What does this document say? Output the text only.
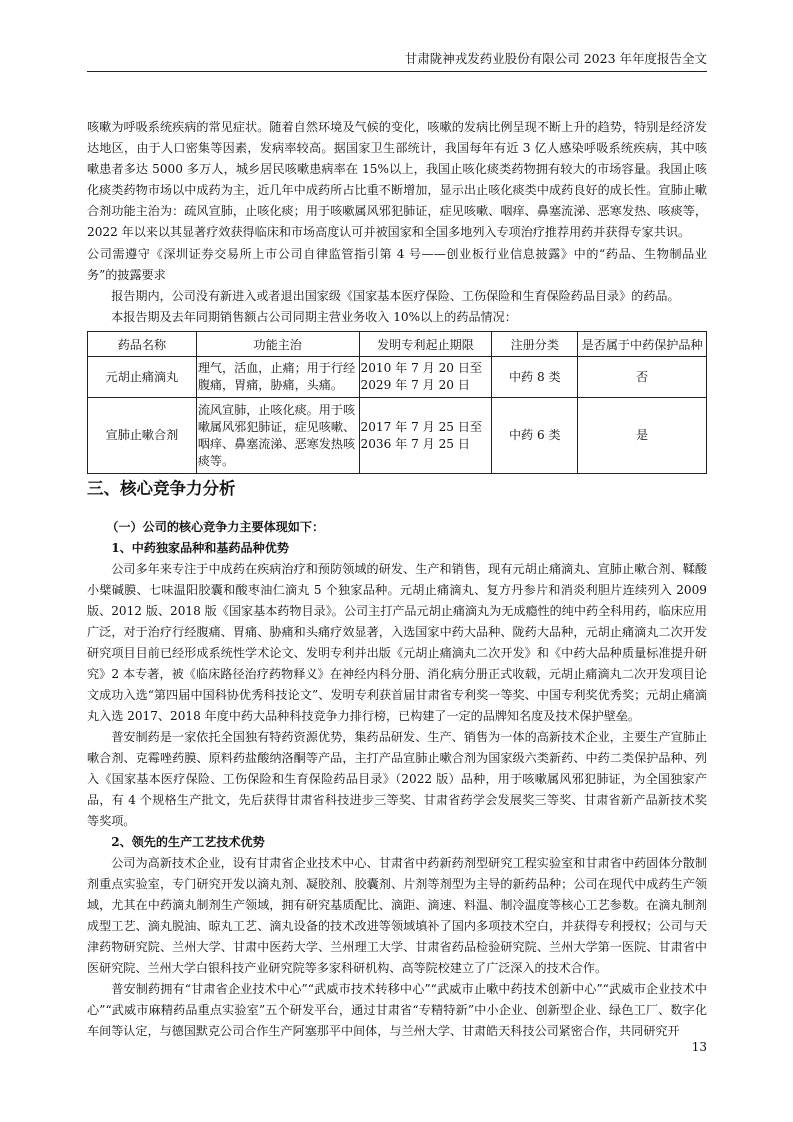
甘肃陇神戎发药业股份有限公司 2023 年年度报告全文

咳嗽为呼吸系统疾病的常见症状。随着自然环境及气候的变化，咳嗽的发病比例呈现不断上升的趋势，特别是经济发达地区，由于人口密集等因素，发病率较高。据国家卫生部统计，我国每年有近 3 亿人感染呼吸系统疾病，其中咳嗽患者多达 5000 多万人，城乡居民咳嗽患病率在 15%以上，我国止咳化痰类药物拥有较大的市场容量。我国止咳化痰类药物市场以中成药为主，近几年中成药所占比重不断增加，显示出止咳化痰类中成药良好的成长性。宣肺止嗽合剂功能主治为：疏风宣肺，止咳化痰；用于咳嗽属风邪犯肺证，症见咳嗽、咽痒、鼻塞流涕、恶寒发热、咳痰等，2022 年以来以其显著疗效获得临床和市场高度认可并被国家和全国多地列入专项治疗推荐用药并获得专家共识。

公司需遵守《深圳证券交易所上市公司自律监管指引第 4 号——创业板行业信息披露》中的“药品、生物制品业务”的披露要求

报告期内，公司没有新进入或者退出国家级《国家基本医疗保险、工伤保险和生育保险药品目录》的药品。

本报告期及去年同期销售额占公司同期主营业务收入 10%以上的药品情况：

药品名称	功能主治	发明专利起止期限	注册分类	是否属于中药保护品种
元胡止痛滴丸	理气，活血，止痛；用于行经腹痛，胃痛，胁痛，头痛。	2010 年 7 月 20 日至 2029 年 7 月 20 日	中药 8 类	否
宣肺止嗽合剂	流风宣肺，止咳化痰。用于咳嗽属风邪犯肺证，症见咳嗽、咽痒、鼻塞流涕、恶寒发热咳痰等。	2017 年 7 月 25 日至 2036 年 7 月 25 日	中药 6 类	是
三、核心竞争力分析

（一）公司的核心竞争力主要体现如下：

1、中药独家品种和基药品种优势

公司多年来专注于中成药在疾病治疗和预防领域的研发、生产和销售，现有元胡止痛滴丸、宣肺止嗽合剂、鞣酸小檗碱膜、七味温阳胶囊和酸枣油仁滴丸 5 个独家品种。元胡止痛滴丸、复方丹参片和消炎利胆片连续列入 2009 版、2012 版、2018 版《国家基本药物目录》。公司主打产品元胡止痛滴丸为无成瘾性的纯中药全科用药，临床应用广泛，对于治疗行经腹痛、胃痛、胁痛和头痛疗效显著，入选国家中药大品种、陇药大品种，元胡止痛滴丸二次开发研究项目目前已经形成系统性学术论文、发明专利并出版《元胡止痛滴丸二次开发》和《中药大品种质量标准提升研究》2 本专著，被《临床路径治疗药物释义》在神经内科分册、消化病分册正式收载，元胡止痛滴丸二次开发项目论文成功入选“第四届中国科协优秀科技论文”、发明专利获首届甘肃省专利奖一等奖、中国专利奖优秀奖；元胡止痛滴丸入选 2017、2018 年度中药大品种科技竞争力排行榜，已构建了一定的品牌知名度及技术保护壁垒。

普安制药是一家依托全国独有特药资源优势，集药品研发、生产、销售为一体的高新技术企业，主要生产宣肺止嗽合剂、克霉唑药膜、原料药盐酸纳洛酮等产品，主打产品宣肺止嗽合剂为国家级六类新药、中药二类保护品种、列入《国家基本医疗保险、工伤保险和生育保险药品目录》（2022 版）品种，用于咳嗽属风邪犯肺证，为全国独家产品，有 4 个规格生产批文，先后获得甘肃省科技进步三等奖、甘肃省药学会发展奖三等奖、甘肃省新产品新技术奖等奖项。

2、领先的生产工艺技术优势

公司为高新技术企业，设有甘肃省企业技术中心、甘肃省中药新药剂型研究工程实验室和甘肃省中药固体分散制剂重点实验室，专门研究开发以滴丸剂、凝胶剂、胶囊剂、片剂等剂型为主导的新药品种；公司在现代中成药生产领域，尤其在中药滴丸制剂生产领域，拥有研究基质配比、滴距、滴速、料温、制冷温度等核心工艺参数。在滴丸制剂成型工艺、滴丸脱油、晾丸工艺、滴丸设备的技术改进等领域填补了国内多项技术空白，并获得专利授权；公司与天津药物研究院、兰州大学、甘肃中医药大学、兰州理工大学、甘肃省药品检验研究院、兰州大学第一医院、甘肃省中医研究院、兰州大学白银科技产业研究院等多家科研机构、高等院校建立了广泛深入的技术合作。

普安制药拥有“甘肃省企业技术中心”“武威市技术转移中心”“武威市止嗽中药技术创新中心”“武威市企业技术中心”“武威市麻精药品重点实验室”五个研发平台，通过甘肃省“专精特新”中小企业、创新型企业、绿色工厂、数字化车间等认定，与德国默克公司合作生产阿塞那平中间体，与兰州大学、甘肃皓天科技公司紧密合作，共同研究开

13
